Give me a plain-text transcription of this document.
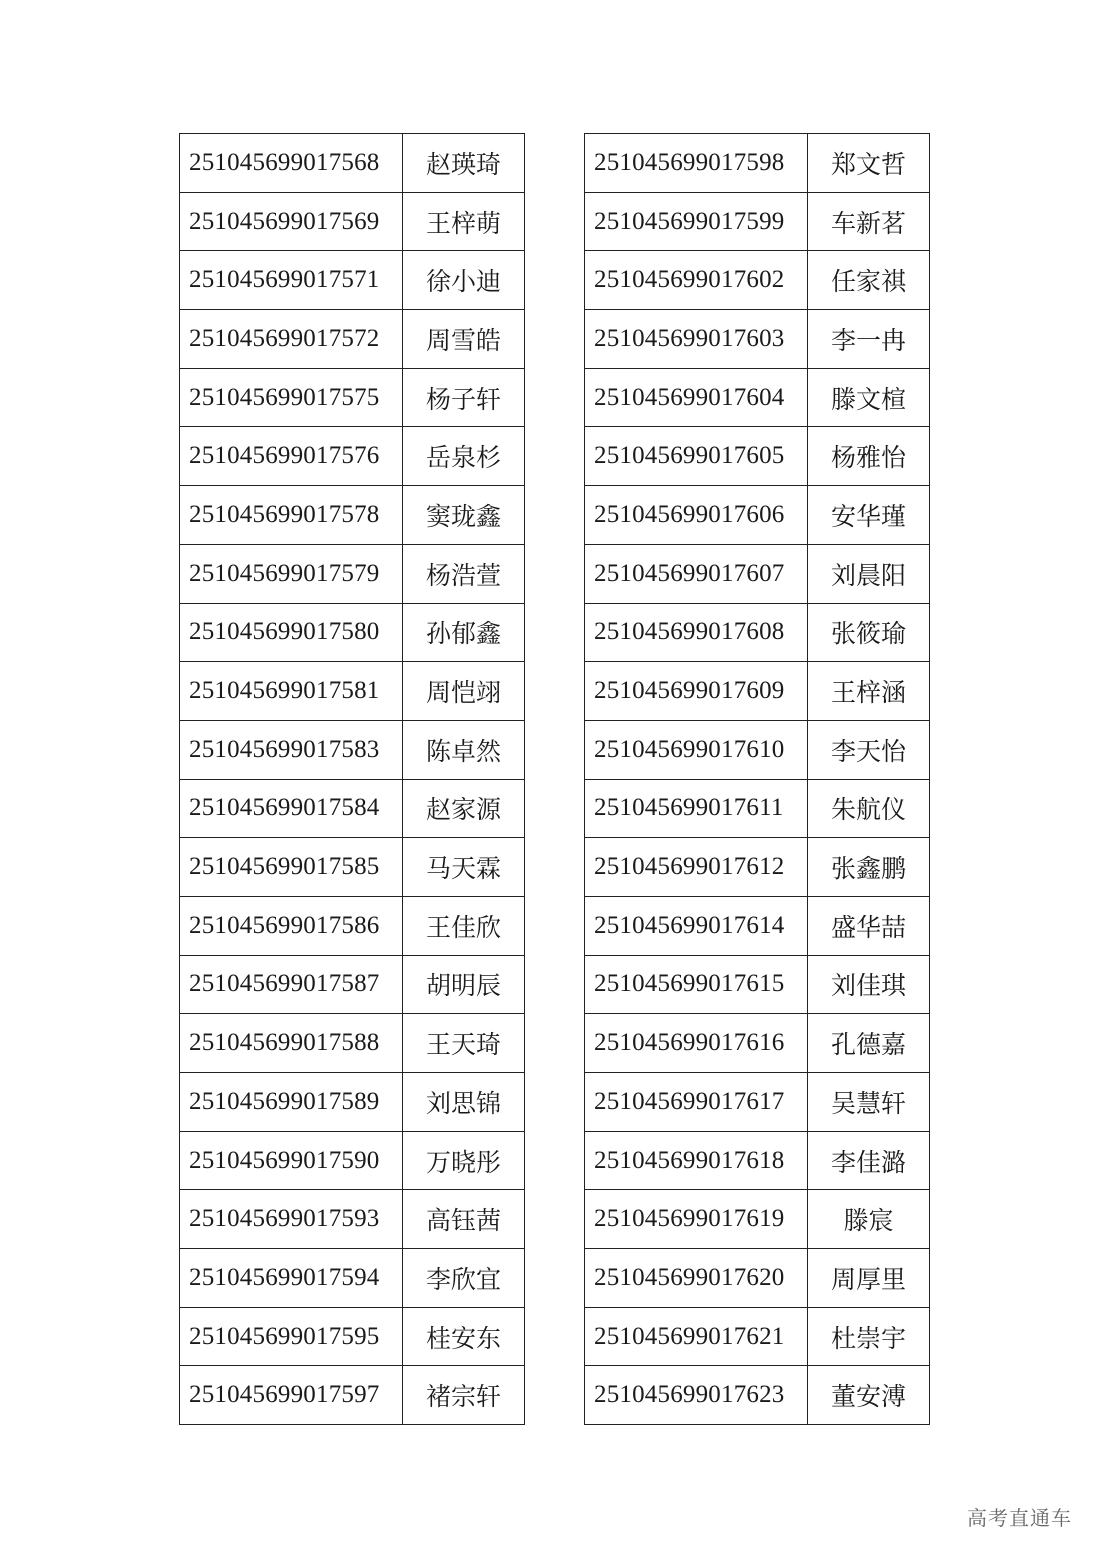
251045699017568	赵瑛琦
251045699017569	王梓萌
251045699017571	徐小迪
251045699017572	周雪皓
251045699017575	杨子轩
251045699017576	岳泉杉
251045699017578	窦珑鑫
251045699017579	杨浩萱
251045699017580	孙郁鑫
251045699017581	周恺翊
251045699017583	陈卓然
251045699017584	赵家源
251045699017585	马天霖
251045699017586	王佳欣
251045699017587	胡明辰
251045699017588	王天琦
251045699017589	刘思锦
251045699017590	万晓彤
251045699017593	高钰茜
251045699017594	李欣宜
251045699017595	桂安东
251045699017597	褚宗轩
251045699017598	郑文哲
251045699017599	车新茗
251045699017602	任家祺
251045699017603	李一冉
251045699017604	滕文楦
251045699017605	杨雅怡
251045699017606	安华瑾
251045699017607	刘晨阳
251045699017608	张筱瑜
251045699017609	王梓涵
251045699017610	李天怡
251045699017611	朱航仪
251045699017612	张鑫鹏
251045699017614	盛华喆
251045699017615	刘佳琪
251045699017616	孔德嘉
251045699017617	吴慧轩
251045699017618	李佳潞
251045699017619	滕宸
251045699017620	周厚里
251045699017621	杜崇宇
251045699017623	董安溥
高考直通车
